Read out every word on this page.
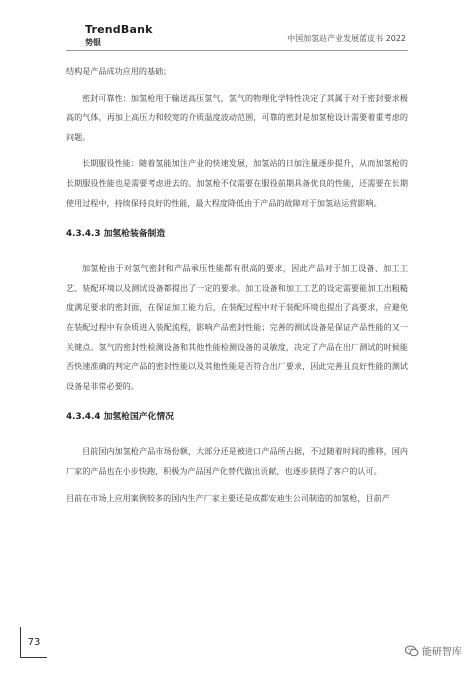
TrendBank
势银	中国加氢站产业发展蓝皮书 2022

结构是产品成功应用的基础；

密封可靠性：加氢枪用于输送高压氢气，氢气的物理化学特性决定了其属于对于密封要求极高的气体，再加上高压力和较宽的介质温度波动范围，可靠的密封是加氢枪设计需要着重考虑的问题。

长期服役性能：随着氢能加注产业的快速发展，加氢站的日加注量逐步提升，从而加氢枪的长期服役性能也是需要考虑进去的。加氢枪不仅需要在服役前期具备优良的性能，还需要在长期使用过程中，持续保持良好的性能，最大程度降低由于产品的故障对于加氢站运营影响。

4.3.4.3 加氢枪装备制造

加氢枪由于对氢气密封和产品承压性能都有很高的要求，因此产品对于加工设备、加工工艺、装配环境以及测试设备都提出了一定的要求。加工设备和加工工艺的设定需要能加工出粗糙度满足要求的密封面，在保证加工能力后，在装配过程中对于装配环境也提出了高要求，应避免在装配过程中有杂质进入装配流程，影响产品密封性能；完善的测试设备是保证产品性能的又一关键点。氢气的密封性检测设备和其他性能检测设备的灵敏度，决定了产品在出厂测试的时候能否快速准确的判定产品的密封性能以及其他性能是否符合出厂要求，因此完善且良好性能的测试设备是非常必要的。

4.3.4.4 加氢枪国产化情况

目前国内加氢枪产品市场份额，大部分还是被进口产品所占据，不过随着时间的推移，国内厂家的产品也在小步快跑，积极为产品国产化替代做出贡献，也逐步获得了客户的认可。

目前在市场上应用案例较多的国内生产厂家主要还是成都安迪生公司制造的加氢枪，目前产

73
能研智库
